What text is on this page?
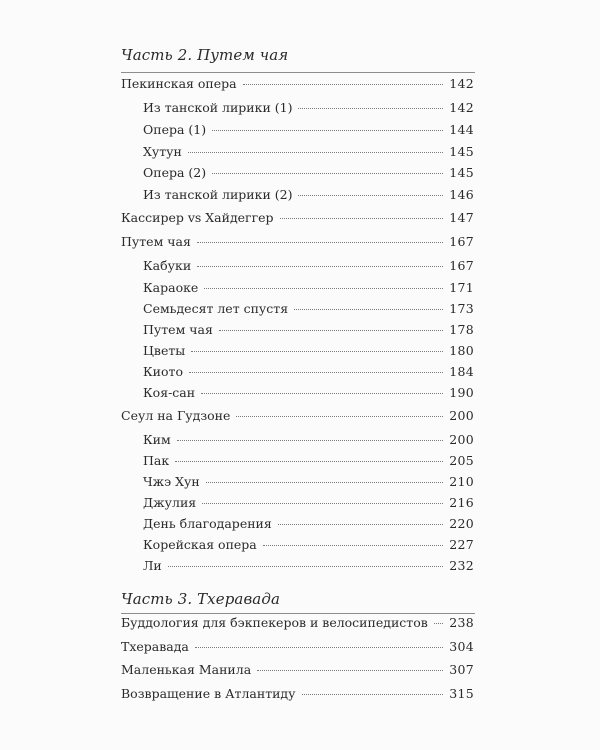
Часть 2. Путем чая
Пекинская опера	142
Из танской лирики (1)	142
Опера (1)	144
Хутун	145
Опера (2)	145
Из танской лирики (2)	146
Кассирер vs Хайдеггер	147
Путем чая	167
Кабуки	167
Караоке	171
Семьдесят лет спустя	173
Путем чая	178
Цветы	180
Киото	184
Коя-сан	190
Сеул на Гудзоне	200
Ким	200
Пак	205
Чжэ Хун	210
Джулия	216
День благодарения	220
Корейская опера	227
Ли	232
Часть 3. Тхеравада
Буддология для бэкпекеров и велосипедистов 238
Тхеравада	304
Маленькая Манила	307
Возвращение в Атлантиду	315
